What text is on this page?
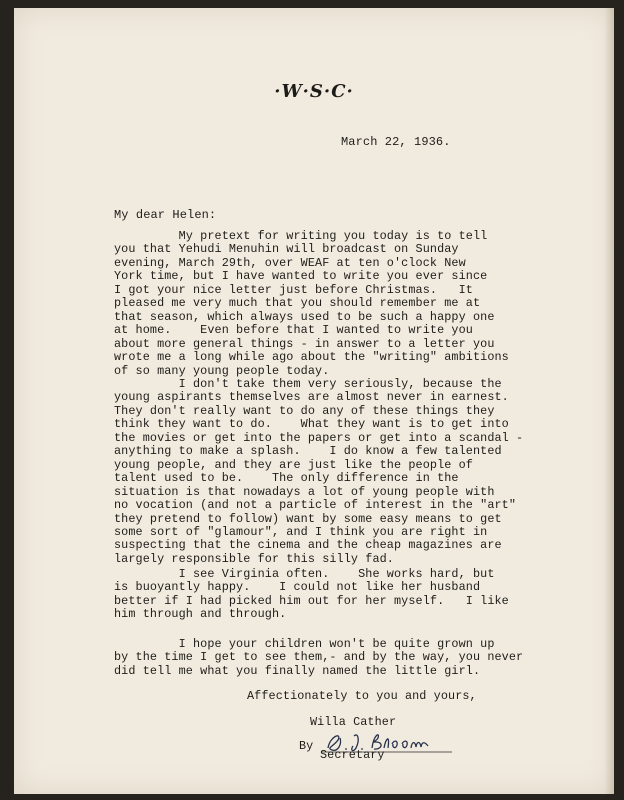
·W·S·C·
March 22, 1936.
My dear Helen:
My pretext for writing you today is to tell
you that Yehudi Menuhin will broadcast on Sunday
evening, March 29th, over WEAF at ten o'clock New
York time, but I have wanted to write you ever since
I got your nice letter just before Christmas.   It
pleased me very much that you should remember me at
that season, which always used to be such a happy one
at home.    Even before that I wanted to write you
about more general things - in answer to a letter you
wrote me a long while ago about the "writing" ambitions
of so many young people today.
I don't take them very seriously, because the
young aspirants themselves are almost never in earnest.
They don't really want to do any of these things they
think they want to do.    What they want is to get into
the movies or get into the papers or get into a scandal -
anything to make a splash.    I do know a few talented
young people, and they are just like the people of
talent used to be.    The only difference in the
situation is that nowadays a lot of young people with
no vocation (and not a particle of interest in the "art"
they pretend to follow) want by some easy means to get
some sort of "glamour", and I think you are right in
suspecting that the cinema and the cheap magazines are
largely responsible for this silly fad.
I see Virginia often.    She works hard, but
is buoyantly happy.    I could not like her husband
better if I had picked him out for her myself.   I like
him through and through.
I hope your children won't be quite grown up
by the time I get to see them,- and by the way, you never
did tell me what you finally named the little girl.
Affectionately to you and yours,
Willa Cather
By
Secretary
